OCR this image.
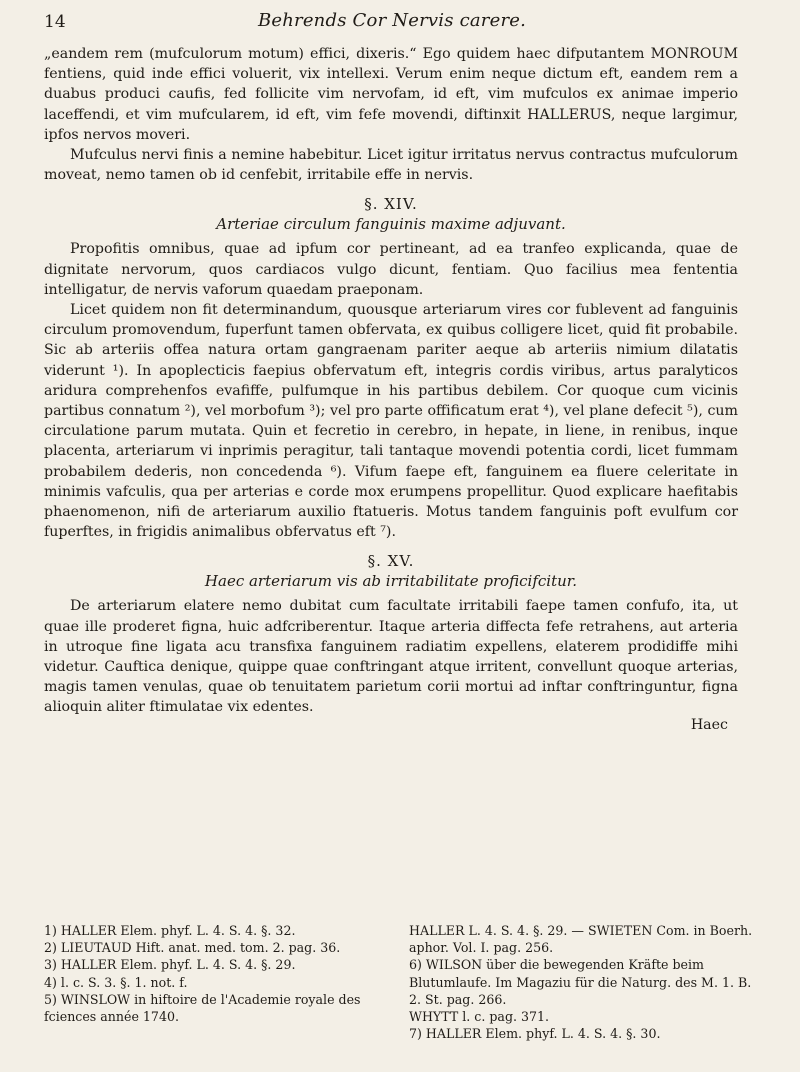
14	Behrends Cor Nervis carere.

„eandem rem (mufculorum motum) effici, dixeris.“ Ego quidem haec difputantem MONROUM fentiens, quid inde effici voluerit, vix intellexi. Verum enim neque dictum eft, eandem rem a duabus produci caufis, fed follicite vim nervofam, id eft, vim mufculos ex animae imperio laceffendi, et vim mufcularem, id eft, vim fefe movendi, diftinxit HALLERUS, neque largimur, ipfos nervos moveri.

Mufculus nervi finis a nemine habebitur. Licet igitur irritatus nervus contractus mufculorum moveat, nemo tamen ob id cenfebit, irritabile effe in nervis.

§. XIV.
Arteriae circulum fanguinis maxime adjuvant.

Propofitis omnibus, quae ad ipfum cor pertineant, ad ea tranfeo explicanda, quae de dignitate nervorum, quos cardiacos vulgo dicunt, fentiam. Quo facilius mea fententia intelligatur, de nervis vaforum quaedam praeponam.

Licet quidem non fit determinandum, quousque arteriarum vires cor fublevent ad fanguinis circulum promovendum, fuperfunt tamen obfervata, ex quibus colligere licet, quid fit probabile. Sic ab arteriis offea natura ortam gangraenam pariter aeque ab arteriis nimium dilatatis viderunt ¹). In apoplecticis faepius obfervatum eft, integris cordis viribus, artus paralyticos aridura comprehenfos evafiffe, pulfumque in his partibus debilem. Cor quoque cum vicinis partibus connatum ²), vel morbofum ³); vel pro parte offificatum erat ⁴), vel plane defecit ⁵), cum circulatione parum mutata. Quin et fecretio in cerebro, in hepate, in liene, in renibus, inque placenta, arteriarum vi inprimis peragitur, tali tantaque movendi potentia cordi, licet fummam probabilem dederis, non concedenda ⁶). Vifum faepe eft, fanguinem ea fluere celeritate in minimis vafculis, qua per arterias e corde mox erumpens propellitur. Quod explicare haefitabis phaenomenon, nifi de arteriarum auxilio ftatueris. Motus tandem fanguinis poft evulfum cor fuperftes, in frigidis animalibus obfervatus eft ⁷).

§. XV.
Haec arteriarum vis ab irritabilitate proficifcitur.

De arteriarum elatere nemo dubitat cum facultate irritabili faepe tamen confufo, ita, ut quae ille proderet figna, huic adfcriberentur. Itaque arteria diffecta fefe retrahens, aut arteria in utroque fine ligata acu transfixa fanguinem radiatim expellens, elaterem prodidiffe mihi videtur. Cauftica denique, quippe quae conftringant atque irritent, convellunt quoque arterias, magis tamen venulas, quae ob tenuitatem parietum corii mortui ad inftar conftringuntur, figna alioquin aliter ftimulatae vix edentes.

Haec

1) HALLER Elem. phyf. L. 4. S. 4. §. 32.

2) LIEUTAUD Hift. anat. med. tom. 2. pag. 36.

3) HALLER Elem. phyf. L. 4. S. 4. §. 29.

4) l. c. S. 3. §. 1. not. f.

5) WINSLOW in hiftoire de l'Academie royale des fciences année 1740.

HALLER L. 4. S. 4. §. 29. — SWIETEN Com. in Boerh. aphor. Vol. I. pag. 256.

6) WILSON über die bewegenden Kräfte beim Blutumlaufe. Im Magaziu für die Naturg. des M. 1. B. 2. St. pag. 266.

WHYTT l. c. pag. 371.

7) HALLER Elem. phyf. L. 4. S. 4. §. 30.
